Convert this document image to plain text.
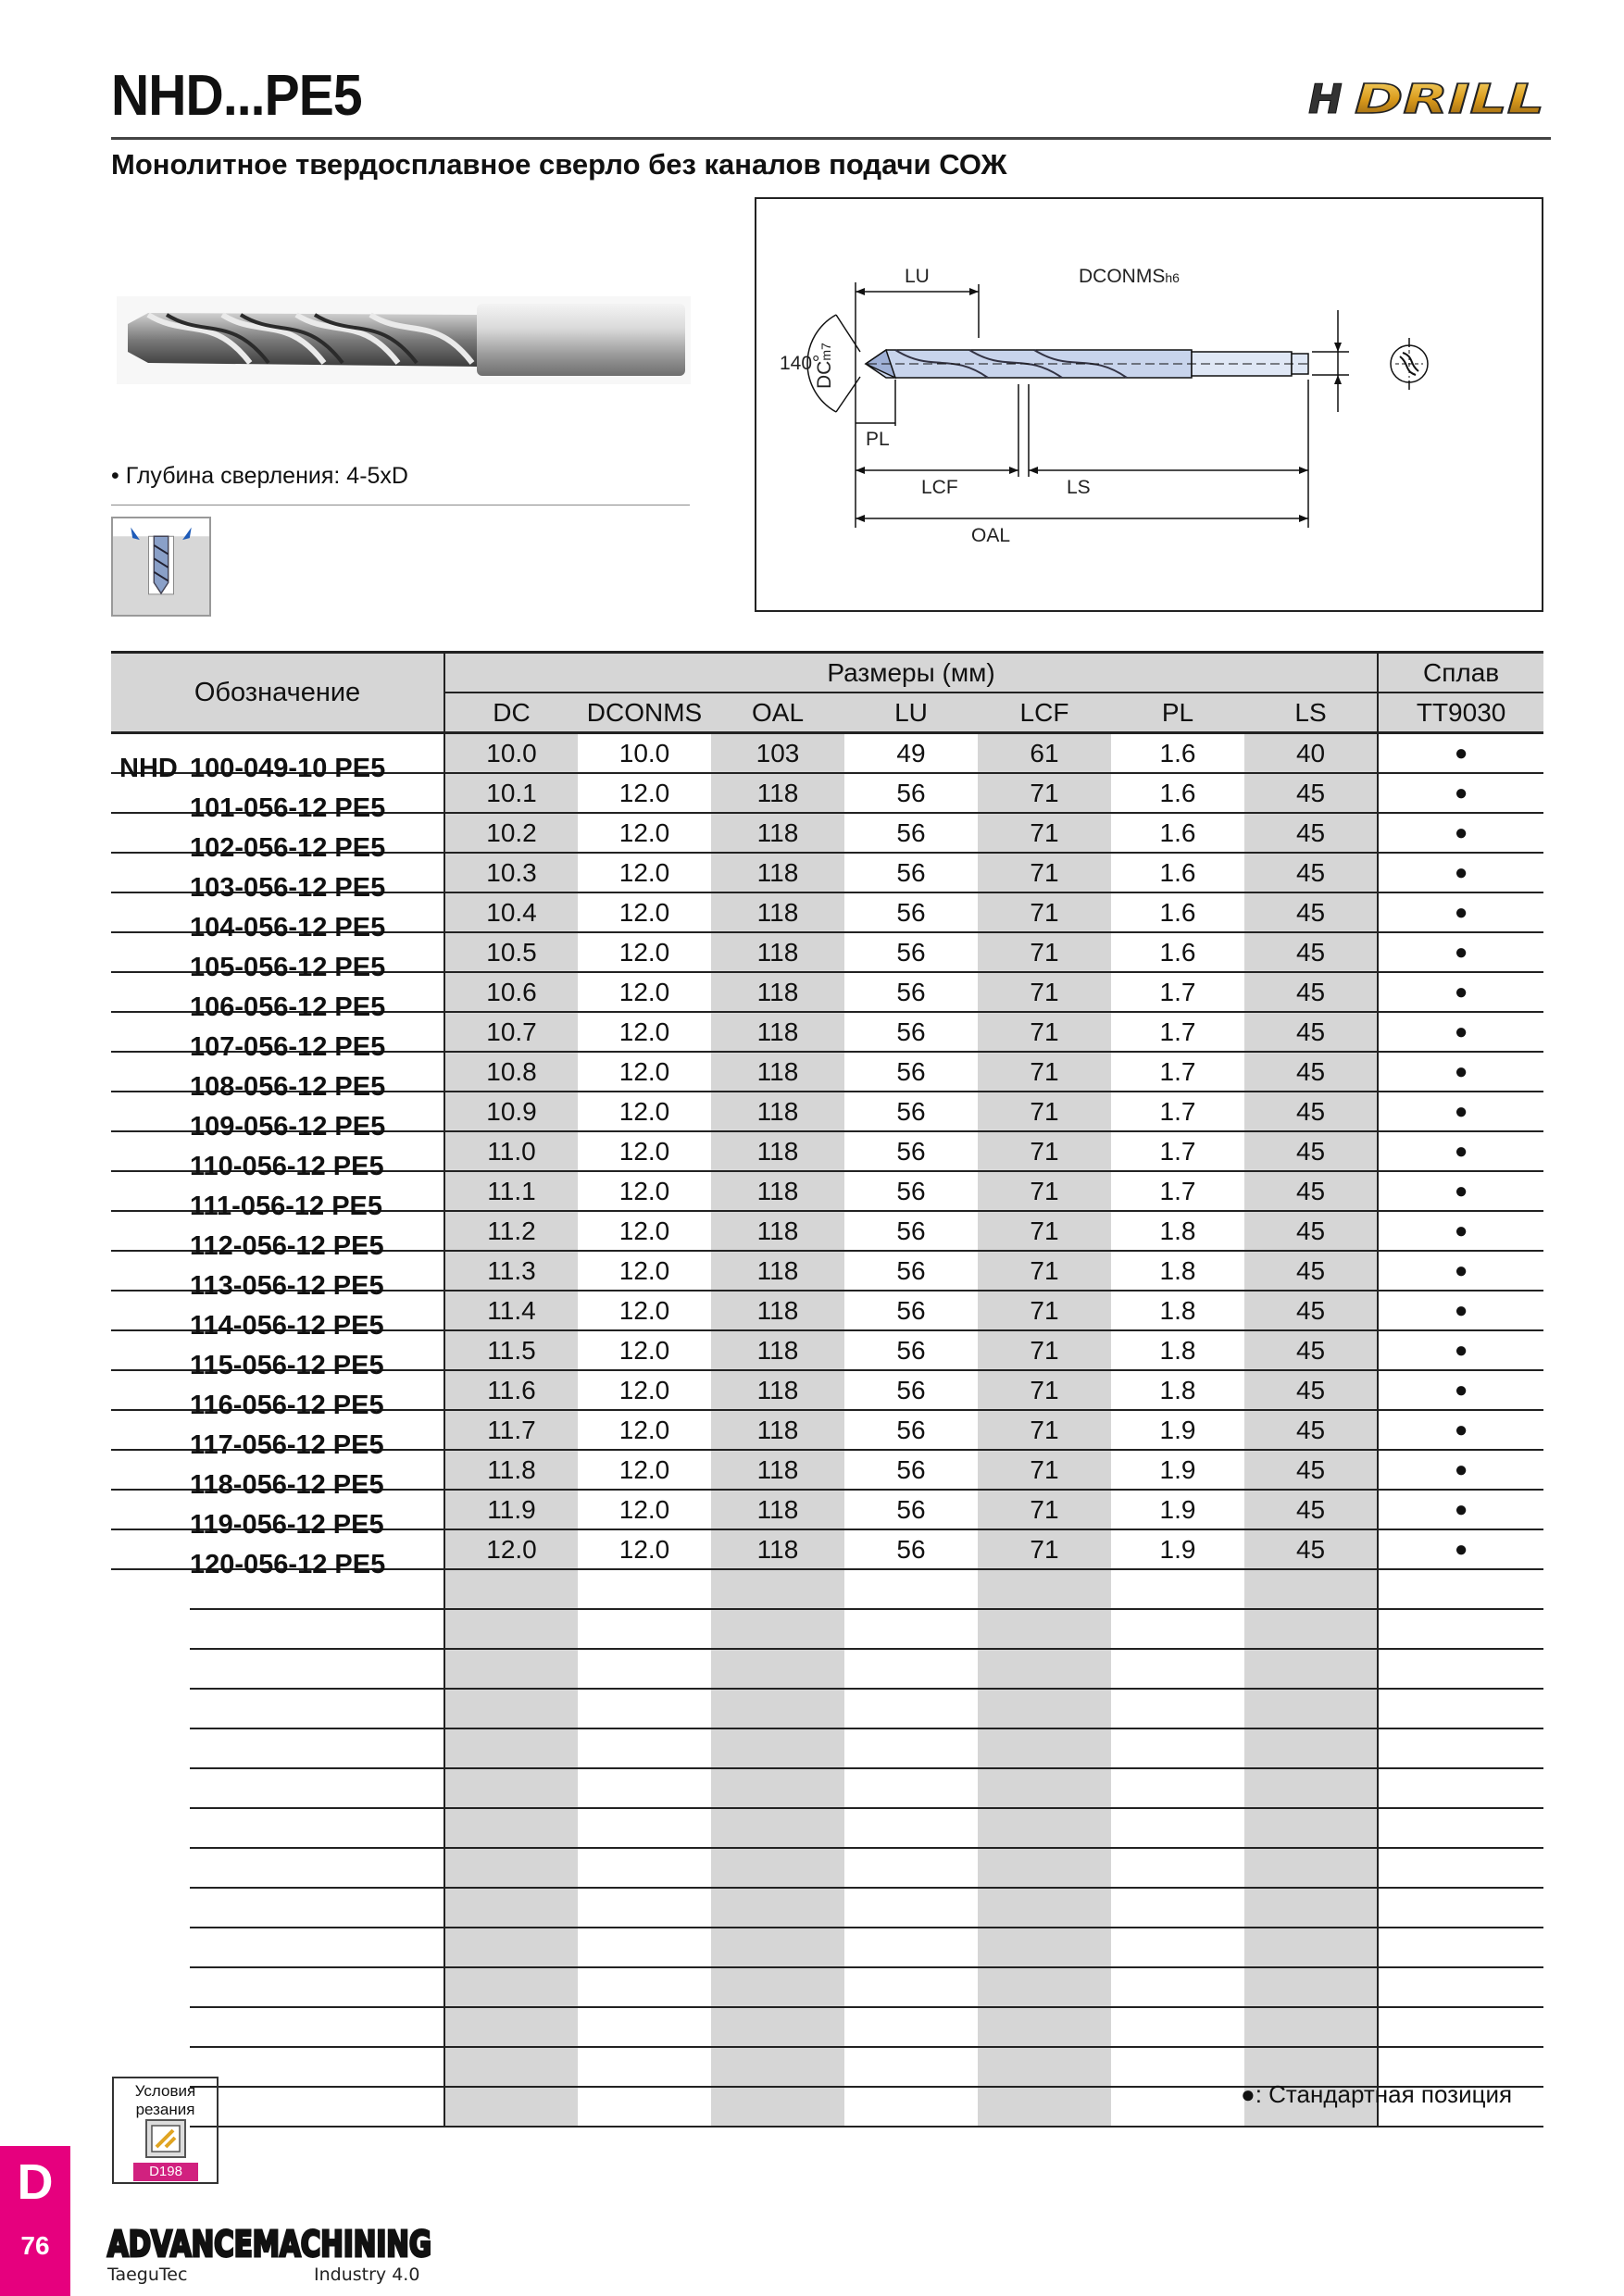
NHD...PE5	H DRILL
Монолитное твердосплавное сверло без каналов подачи СОЖ
• Глубина сверления: 4-5xD
LU	DCONMSh6
140°
DCm7
PL
LCF	LS
OAL
Обозначение	Размеры (мм)							Сплав
	DC	DCONMS	OAL	LU	LCF	PL	LS	TT9030

NHD 100-049-10 PE5	10.0	10.0	103	49	61	1.6	40	●

101-056-12 PE5	10.1	12.0	118	56	71	1.6	45	●

102-056-12 PE5	10.2	12.0	118	56	71	1.6	45	●

103-056-12 PE5	10.3	12.0	118	56	71	1.6	45	●

104-056-12 PE5	10.4	12.0	118	56	71	1.6	45	●

105-056-12 PE5	10.5	12.0	118	56	71	1.6	45	●

106-056-12 PE5	10.6	12.0	118	56	71	1.7	45	●

107-056-12 PE5	10.7	12.0	118	56	71	1.7	45	●

108-056-12 PE5	10.8	12.0	118	56	71	1.7	45	●

109-056-12 PE5	10.9	12.0	118	56	71	1.7	45	●

110-056-12 PE5	11.0	12.0	118	56	71	1.7	45	●

111-056-12 PE5	11.1	12.0	118	56	71	1.7	45	●

112-056-12 PE5	11.2	12.0	118	56	71	1.8	45	●

113-056-12 PE5	11.3	12.0	118	56	71	1.8	45	●

114-056-12 PE5	11.4	12.0	118	56	71	1.8	45	●

115-056-12 PE5	11.5	12.0	118	56	71	1.8	45	●

116-056-12 PE5	11.6	12.0	118	56	71	1.8	45	●

117-056-12 PE5	11.7	12.0	118	56	71	1.9	45	●

118-056-12 PE5	11.8	12.0	118	56	71	1.9	45	●

119-056-12 PE5	11.9	12.0	118	56	71	1.9	45	●

120-056-12 PE5	12.0	12.0	118	56	71	1.9	45	●

Условия резания
D198
●: Стандартная позиция
D
76	ADVANCEMACHINING
ADVANCEMACHINING
TaeguTec	Industry 4.0
